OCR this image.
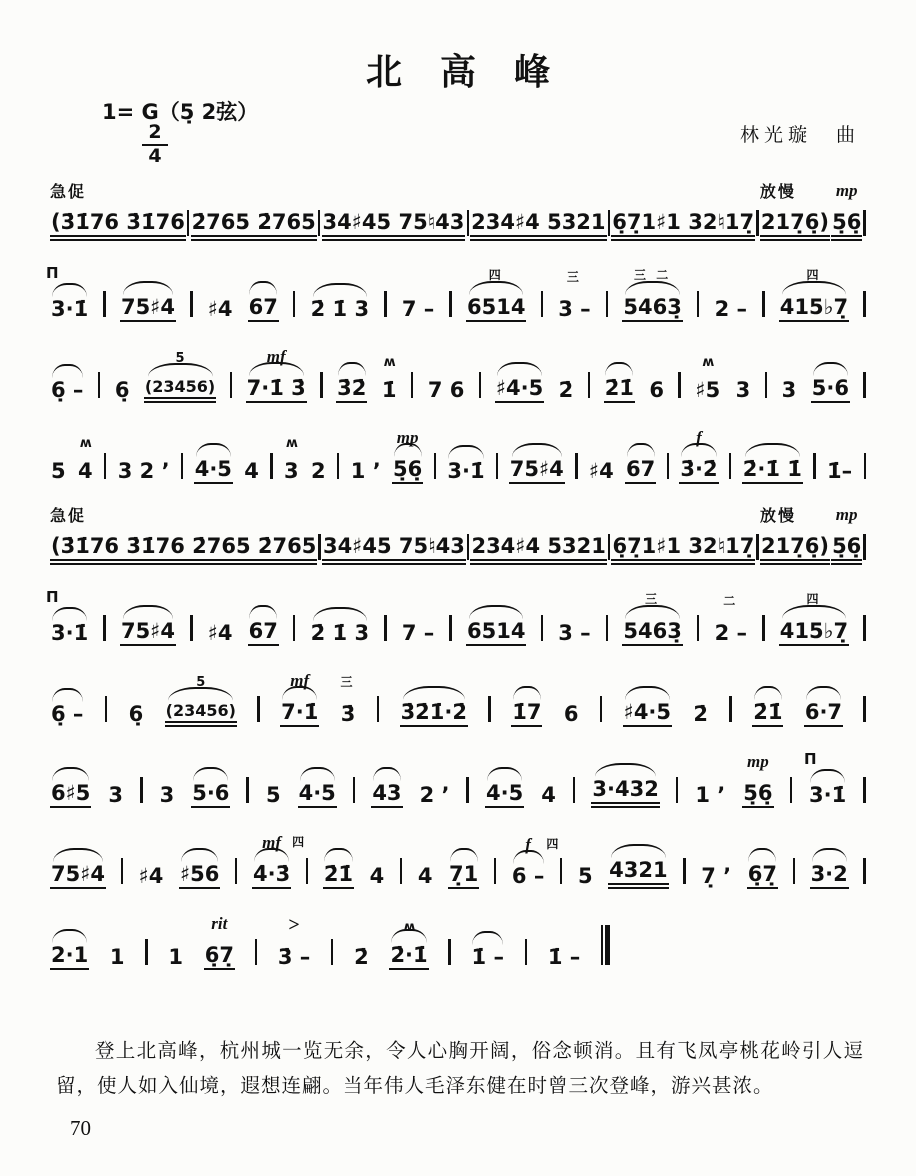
北高峰
1= G（5̣ 2弦）
$\frac{2}{4}$	林光璇　曲
(3̇1̇76 3̇1̇76
急促
2̇765 2̇765 34♯45 75♮43 234♯4 5321 6̣7̣1♯1 32♮17̣ 217̣6̣)
放慢
5̣6̣
mp
3·1̇
Π
75♯4 ♯4 67 2̇ 1̇ 3 7 – 6514
四
3 –
三
5463̣
三 二
2 – 415♭7̣
四
6̣ – 6̣ (23456)
5
7·1̇ 3̇
mf
3̇2̇ 1̇
ʍ
7 6 ♯4·5 2̇ 2̇1̇ 6 ♯5
ʍ
3 3 5·6
5 4
ʍ
3 2 ’ 4·5 4 3
ʍ
2 1 ’ 5̣6̣
mp
3·1̇ 75♯4 ♯4 67 3̇·2̇
f
2̇·1̇ 1̇ 1̇–
(3̇1̇76 3̇1̇76 2̇765 2̇765
急促
34♯45 75♮43 234♯4 5321 6̣7̣1♯1 32♮17̣ 217̣6̣)
放慢
5̣6̣
mp
3·1̇
Π
75♯4 ♯4 67 2̇ 1̇ 3 7 – 6514 3 – 5463̣
三
2 –
二
415♭7̣
四
6̣ – 6̣ (23456)
5
7·1̇
mf
3̇
三
3̇2̇1̇·2̇ 1̇7 6 ♯4·5 2̇ 2̇1̇ 6·7
6♯5 3 3 5·6 5 4·5 43 2 ’ 4·5 4 3·432 1 ’ 5̣6̣
mp
3·1̇
Π
75♯4 ♯4 ♯56 4̇·3̇
mf 四
2̇1̇ 4 4 7̣1 6 –
f 四
5 4321 7̣ ’ 6̣7̣ 3·2
2·1 1 1 6̣7̣
rit
3̇ –
>
2̇ 2̇·1̇
ʍ
1̇ – 1̇ –
登上北高峰，杭州城一览无余，令人心胸开阔，俗念顿消。且有飞凤亭桃花岭引人逗留，使人如入仙境，遐想连翩。当年伟人毛泽东健在时曾三次登峰，游兴甚浓。
70
